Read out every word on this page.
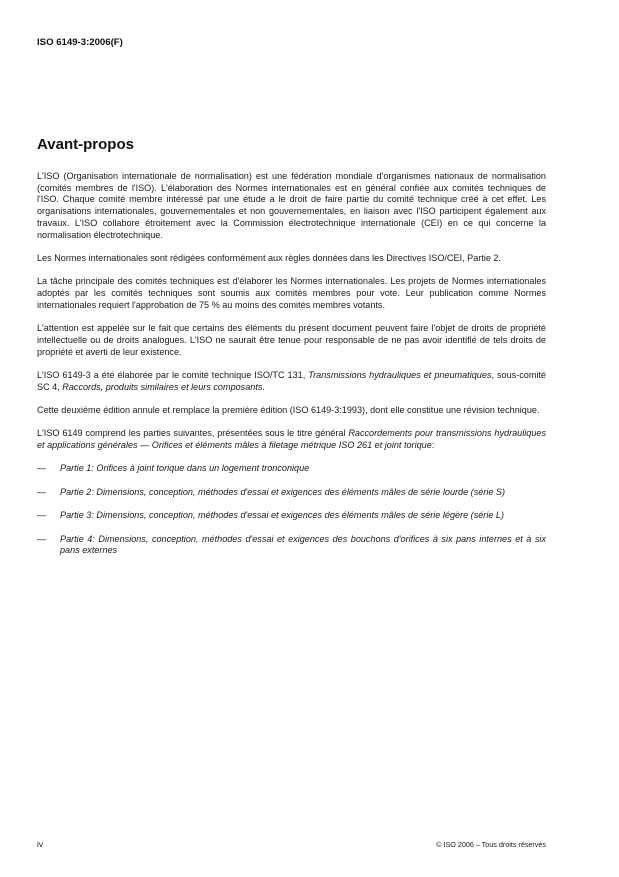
ISO 6149-3:2006(F)
Avant-propos

L'ISO (Organisation internationale de normalisation) est une fédération mondiale d'organismes nationaux de normalisation (comités membres de l'ISO). L'élaboration des Normes internationales est en général confiée aux comités techniques de l'ISO. Chaque comité membre intéressé par une étude a le droit de faire partie du comité technique créé à cet effet. Les organisations internationales, gouvernementales et non gouvernementales, en liaison avec l'ISO participent également aux travaux. L'ISO collabore étroitement avec la Commission électrotechnique internationale (CEI) en ce qui concerne la normalisation électrotechnique.

Les Normes internationales sont rédigées conformément aux règles données dans les Directives ISO/CEI, Partie 2.

La tâche principale des comités techniques est d'élaborer les Normes internationales. Les projets de Normes internationales adoptés par les comités techniques sont soumis aux comités membres pour vote. Leur publication comme Normes internationales requiert l'approbation de 75 % au moins des comités membres votants.

L'attention est appelée sur le fait que certains des éléments du présent document peuvent faire l'objet de droits de propriété intellectuelle ou de droits analogues. L'ISO ne saurait être tenue pour responsable de ne pas avoir identifié de tels droits de propriété et averti de leur existence.

L'ISO 6149-3 a été élaborée par le comité technique ISO/TC 131, Transmissions hydrauliques et pneumatiques, sous-comité SC 4, Raccords, produits similaires et leurs composants.

Cette deuxième édition annule et remplace la première édition (ISO 6149-3:1993), dont elle constitue une révision technique.

L'ISO 6149 comprend les parties suivantes, présentées sous le titre général Raccordements pour transmissions hydrauliques et applications générales — Orifices et éléments mâles à filetage métrique ISO 261 et joint torique:

— Partie 1: Orifices à joint torique dans un logement tronconique
— Partie 2: Dimensions, conception, méthodes d'essai et exigences des éléments mâles de série lourde (série S)
— Partie 3: Dimensions, conception, méthodes d'essai et exigences des éléments mâles de série légère (série L)
— Partie 4: Dimensions, conception, méthodes d'essai et exigences des bouchons d'orifices à six pans internes et à six pans externes
iv	© ISO 2006 – Tous droits réservés
